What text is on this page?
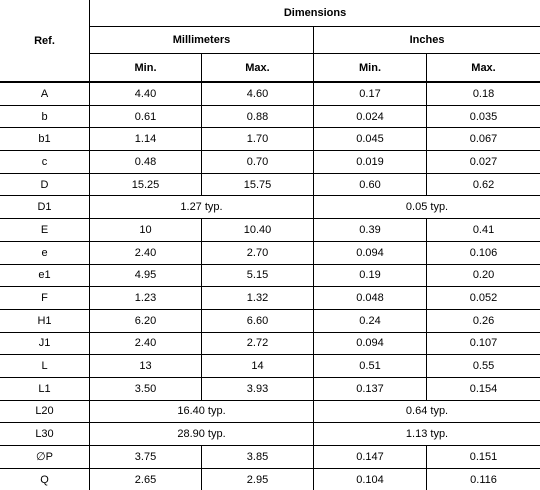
Ref.	Dimensions			
	Millimeters		Inches	
	Min.	Max.	Min.	Max.
A	4.40	4.60	0.17	0.18
b	0.61	0.88	0.024	0.035
b1	1.14	1.70	0.045	0.067
c	0.48	0.70	0.019	0.027
D	15.25	15.75	0.60	0.62
D1	1.27 typ.		0.05 typ.	
E	10	10.40	0.39	0.41
e	2.40	2.70	0.094	0.106
e1	4.95	5.15	0.19	0.20
F	1.23	1.32	0.048	0.052
H1	6.20	6.60	0.24	0.26
J1	2.40	2.72	0.094	0.107
L	13	14	0.51	0.55
L1	3.50	3.93	0.137	0.154
L20	16.40 typ.		0.64 typ.	
L30	28.90 typ.		1.13 typ.	
∅P	3.75	3.85	0.147	0.151
Q	2.65	2.95	0.104	0.116
